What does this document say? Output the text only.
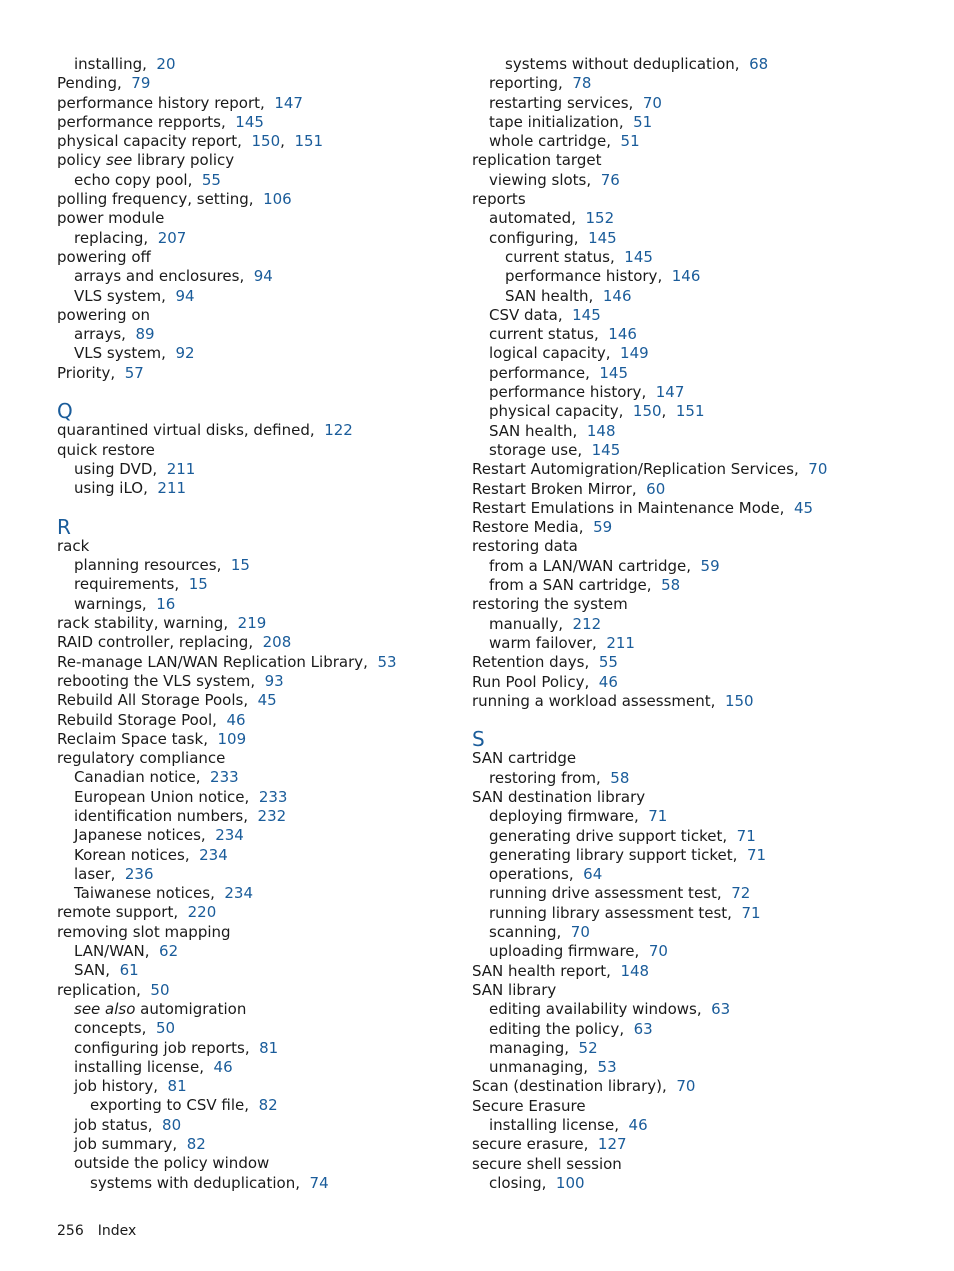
installing,  20
Pending,  79
performance history report,  147
performance repports,  145
physical capacity report,  150,  151
policy see library policy
echo copy pool,  55
polling frequency, setting,  106
power module
replacing,  207
powering off
arrays and enclosures,  94
VLS system,  94
powering on
arrays,  89
VLS system,  92
Priority,  57
Q
quarantined virtual disks, defined,  122
quick restore
using DVD,  211
using iLO,  211
R
rack
planning resources,  15
requirements,  15
warnings,  16
rack stability, warning,  219
RAID controller, replacing,  208
Re-manage LAN/WAN Replication Library,  53
rebooting the VLS system,  93
Rebuild All Storage Pools,  45
Rebuild Storage Pool,  46
Reclaim Space task,  109
regulatory compliance
Canadian notice,  233
European Union notice,  233
identification numbers,  232
Japanese notices,  234
Korean notices,  234
laser,  236
Taiwanese notices,  234
remote support,  220
removing slot mapping
LAN/WAN,  62
SAN,  61
replication,  50
see also automigration
concepts,  50
configuring job reports,  81
installing license,  46
job history,  81
exporting to CSV file,  82
job status,  80
job summary,  82
outside the policy window
systems with deduplication,  74
systems without deduplication,  68
reporting,  78
restarting services,  70
tape initialization,  51
whole cartridge,  51
replication target
viewing slots,  76
reports
automated,  152
configuring,  145
current status,  145
performance history,  146
SAN health,  146
CSV data,  145
current status,  146
logical capacity,  149
performance,  145
performance history,  147
physical capacity,  150,  151
SAN health,  148
storage use,  145
Restart Automigration/Replication Services,  70
Restart Broken Mirror,  60
Restart Emulations in Maintenance Mode,  45
Restore Media,  59
restoring data
from a LAN/WAN cartridge,  59
from a SAN cartridge,  58
restoring the system
manually,  212
warm failover,  211
Retention days,  55
Run Pool Policy,  46
running a workload assessment,  150
S
SAN cartridge
restoring from,  58
SAN destination library
deploying firmware,  71
generating drive support ticket,  71
generating library support ticket,  71
operations,  64
running drive assessment test,  72
running library assessment test,  71
scanning,  70
uploading firmware,  70
SAN health report,  148
SAN library
editing availability windows,  63
editing the policy,  63
managing,  52
unmanaging,  53
Scan (destination library),  70
Secure Erasure
installing license,  46
secure erasure,  127
secure shell session
closing,  100
256 Index
